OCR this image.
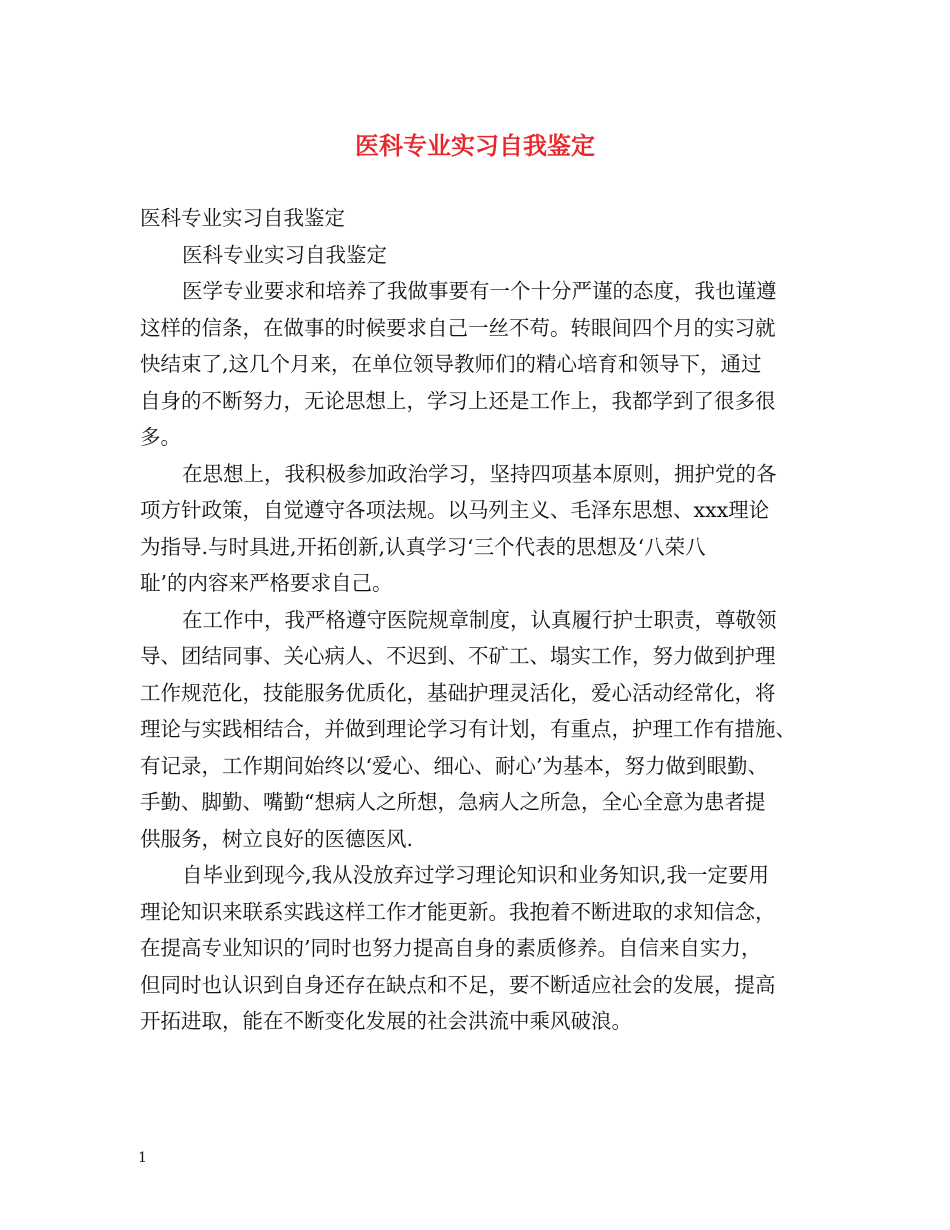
医科专业实习自我鉴定

医科专业实习自我鉴定

医科专业实习自我鉴定

医学专业要求和培养了我做事要有一个十分严谨的态度，我也谨遵

这样的信条，在做事的时候要求自己一丝不苟。转眼间四个月的实习就

快结束了,这几个月来，在单位领导教师们的精心培育和领导下，通过

自身的不断努力，无论思想上，学习上还是工作上，我都学到了很多很

多。

在思想上，我积极参加政治学习，坚持四项基本原则，拥护党的各

项方针政策，自觉遵守各项法规。以马列主义、毛泽东思想、xxx理论

为指导.与时具进,开拓创新,认真学习‘三个代表的思想及‘八荣八

耻’的内容来严格要求自己。

在工作中，我严格遵守医院规章制度，认真履行护士职责，尊敬领

导、团结同事、关心病人、不迟到、不矿工、塌实工作，努力做到护理

工作规范化，技能服务优质化，基础护理灵活化，爱心活动经常化，将

理论与实践相结合，并做到理论学习有计划，有重点，护理工作有措施、

有记录，工作期间始终以‘爱心、细心、耐心’为基本，努力做到眼勤、

手勤、脚勤、嘴勤“想病人之所想，急病人之所急，全心全意为患者提

供服务，树立良好的医德医风.

自毕业到现今,我从没放弃过学习理论知识和业务知识,我一定要用

理论知识来联系实践这样工作才能更新。我抱着不断进取的求知信念，

在提高专业知识的’同时也努力提高自身的素质修养。自信来自实力，

但同时也认识到自身还存在缺点和不足，要不断适应社会的发展，提高

开拓进取，能在不断变化发展的社会洪流中乘风破浪。

1
